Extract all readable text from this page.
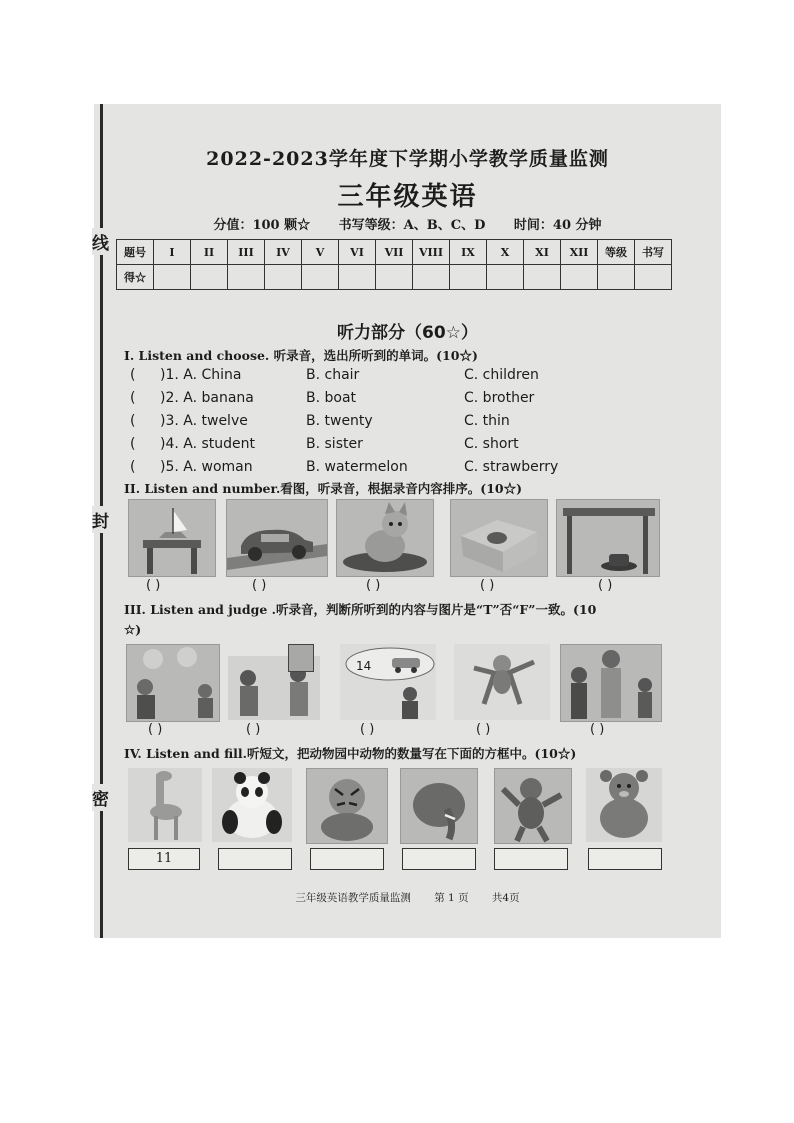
2022-2023学年度下学期小学教学质量监测
三年级英语
分值：100 颗☆ 书写等级：A、B、C、D 时间：40 分钟
题号	I	II	III	IV	V	VI	VII	VIII	IX	X	XI	XII	等级	书写
得☆														
听力部分（60☆）
I. Listen and choose. 听录音，选出所听到的单词。(10☆)
( )1. A. China	B. chair	C. children
( )2. A. banana	B. boat	C. brother
( )3. A. twelve	B. twenty	C. thin
( )4. A. student	B. sister	C. short
( )5. A. woman	B. watermelon	C. strawberry
II. Listen and number.看图，听录音，根据录音内容排序。(10☆)
( )	( )	( )	( )	( )
III. Listen and judge .听录音，判断所听到的内容与图片是“T”否“F”一致。(10
☆)
14
( )	( )	( )	( )	( )
IV. Listen and fill.听短文，把动物园中动物的数量写在下面的方框中。(10☆)
11
三年级英语教学质量监测 第 1 页 共4页
线
封
密
